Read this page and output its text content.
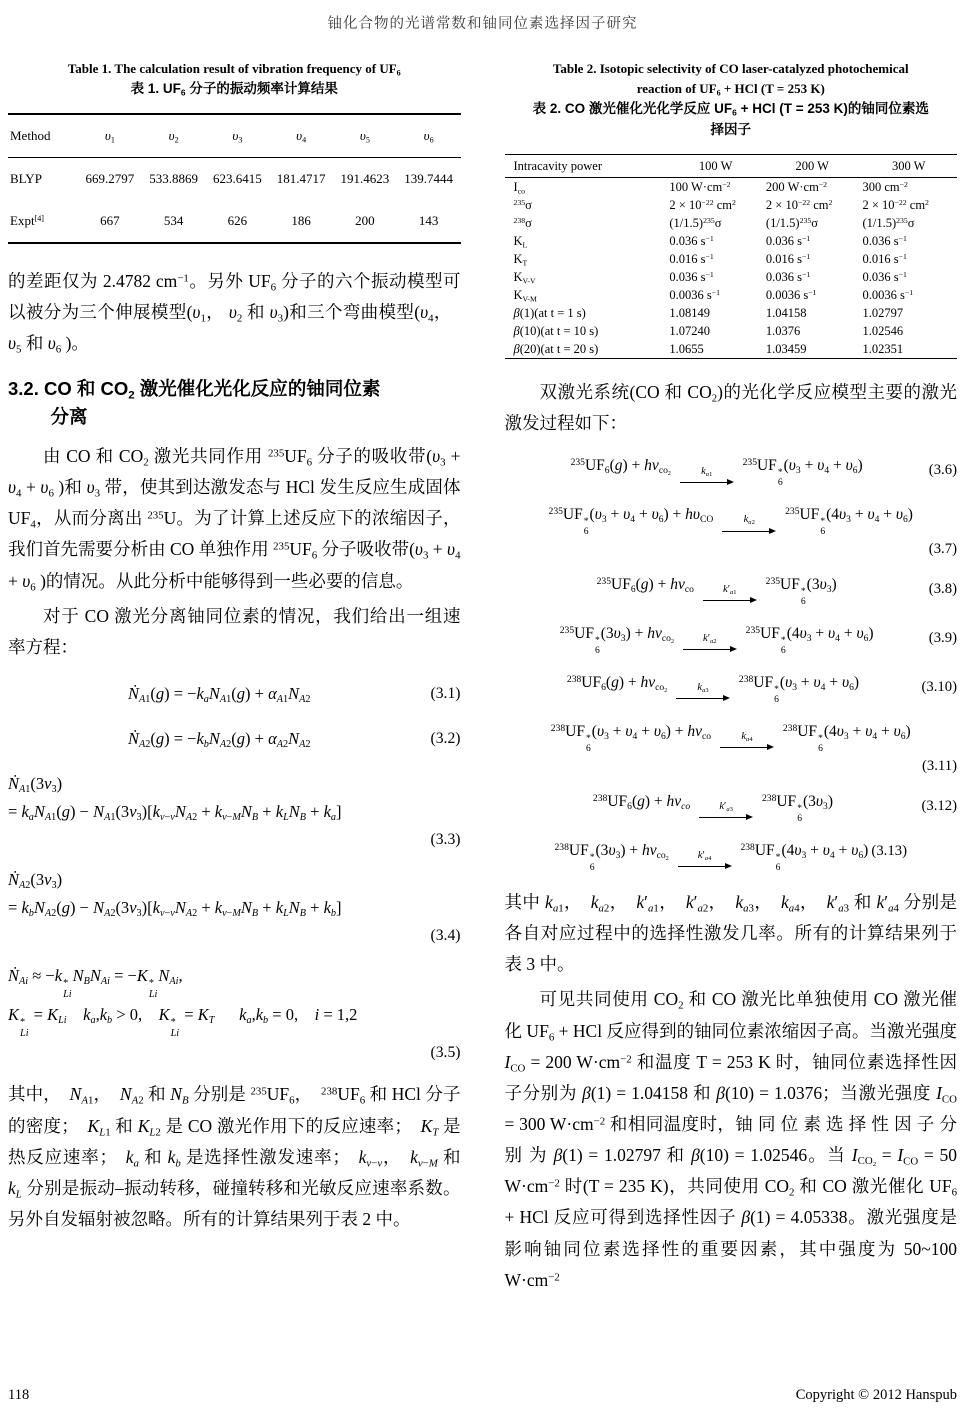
铀化合物的光谱常数和铀同位素选择因子研究
Table 1. The calculation result of vibration frequency of $UF_6$
表 1. $UF_6$ 分子的振动频率计算结果
Method	$\upsilon_1$	$\upsilon_2$	$\upsilon_3$	$\upsilon_4$	$\upsilon_5$	$\upsilon_6$
BLYP	669.2797	533.8869	623.6415	181.4717	191.4623	139.7444
Expt[4]	667	534	626	186	200	143

的差距仅为 2.4782 $cm^{-1}$。另外 $UF_6$ 分子的六个振动模型可以被分为三个伸展模型($\upsilon_1$， $\upsilon_2$ 和 $\upsilon_3$)和三个弯曲模型($\upsilon_4$， $\upsilon_5$ 和 $\upsilon_6$ )。

3.2. CO 和 $CO_2$ 激光催化光化反应的铀同位素
分离

由 CO 和 $CO_2$ 激光共同作用 $^{235}UF_6$ 分子的吸收带($\upsilon_3 + \upsilon_4 + \upsilon_6$ )和 $\upsilon_3$ 带，使其到达激发态与 HCl 发生反应生成固体 $UF_4$，从而分离出 $^{235}$U。为了计算上述反应下的浓缩因子，我们首先需要分析由 CO 单独作用 $^{235}UF_6$ 分子吸收带($\upsilon_3 + \upsilon_4 + \upsilon_6$ )的情况。从此分析中能够得到一些必要的信息。

对于 CO 激光分离铀同位素的情况，我们给出一组速率方程：

Ṅ$_{A1}$(g) = $-k_aN_{A1}(g) + \alpha_{A1}N_{A2}$	(3.1)
Ṅ$_{A2}$(g) = $-k_bN_{A2}(g) + \alpha_{A2}N_{A2}$	(3.2)
$Ṅ_{A1}(3\nu_3)$
= $k_aN_{A1}(g) - N_{A1}(3\nu_3)[k_{v-v}N_{A2} + k_{v-M}N_B + k_LN_B + k_a]$
(3.3)
$Ṅ_{A2}(3\nu_3)$
= $k_bN_{A2}(g) - N_{A2}(3\nu_3)[k_{v-v}N_{A2} + k_{v-M}N_B + k_LN_B + k_b]$
(3.4)
Ṅ$_{Ai}$ ≈ −k *
Li
$N_BN_{Ai} = -K$ *
Li
$N_{Ai}$,
K *
Li
= $K_{Li}$   $k_a,k_b > 0$,  K *
Li
= $K_T$    $k_a,k_b = 0$,  i = 1,2
(3.5)

其中， $N_{A1}$， $N_{A2}$ 和 $N_B$ 分别是 $^{235}UF_6$， $^{238}UF_6$ 和 HCl 分子的密度； $K_{L1}$ 和 $K_{L2}$ 是 CO 激光作用下的反应速率； $K_T$ 是热反应速率； $k_a$ 和 $k_b$ 是选择性激发速率； $k_{v-v}$， $k_{v-M}$ 和 $k_L$ 分别是振动–振动转移，碰撞转移和光敏反应速率系数。另外自发辐射被忽略。所有的计算结果列于表 2 中。

Table 2. Isotopic selectivity of CO laser-catalyzed photochemical
reaction of $UF_6$ + HCl (T = 253 K)
表 2. CO 激光催化光化学反应 $UF_6$ + HCl (T = 253 K)的铀同位素选
择因子
Intracavity power	100 W	200 W	300 W
$I_{co}$	100 $W\cdot cm^{-2}$	200 $W\cdot cm^{-2}$	300 $cm^{-2}$
$^{235}$σ	$2 \times 10^{-22}$ $cm^2$	$2 \times 10^{-22}$ $cm^2$	$2 \times 10^{-22}$ $cm^2$
$^{238}$σ	$(1/1.5)^{235}\sigma$	$(1/1.5)^{235}\sigma$	$(1/1.5)^{235}\sigma$
$K_L$	0.036 $s^{-1}$	0.036 $s^{-1}$	0.036 $s^{-1}$
$K_T$	0.016 $s^{-1}$	0.016 $s^{-1}$	0.016 $s^{-1}$
$K_{V-V}$	0.036 $s^{-1}$	0.036 $s^{-1}$	0.036 $s^{-1}$
$K_{V-M}$	0.0036 $s^{-1}$	0.0036 $s^{-1}$	0.0036 $s^{-1}$
β(1)(at t = 1 s)	1.08149	1.04158	1.02797
β(10)(at t = 10 s)	1.07240	1.0376	1.02546
β(20)(at t = 20 s)	1.0655	1.03459	1.02351

双激光系统(CO 和 $CO_2$)的光化学反应模型主要的激光激发过程如下：

$^{235}UF_6(g) + h\nu_{co_2}$	$k_{a1}$
$^{235}$UF *
6
$(\upsilon_3 + \upsilon_4 + \upsilon_6)$	(3.6)
$^{235}$UF *
6
$(\upsilon_3 + \upsilon_4 + \upsilon_6) + h\upsilon_{CO}$	$k_{a2}$
$^{235}$UF *
6
$(4\upsilon_3 + \upsilon_4 + \upsilon_6)$
(3.7)
$^{235}UF_6(g) + h\nu_{co}$	$k'_{a1}$
$^{235}$UF *
6
$(3\upsilon_3)$	(3.8)
$^{235}$UF *
6
$(3\upsilon_3) + h\nu_{co_2}$	$k'_{a2}$
$^{235}$UF *
6
$(4\upsilon_3 + \upsilon_4 + \upsilon_6)$	(3.9)
$^{238}UF_6(g) + h\nu_{co_2}$	$k_{a3}$
$^{238}$UF *
6
$(\upsilon_3 + \upsilon_4 + \upsilon_6)$	(3.10)
$^{238}$UF *
6
$(\upsilon_3 + \upsilon_4 + \upsilon_6) + h\nu_{co}$	$k_{a4}$
$^{238}$UF *
6
$(4\upsilon_3 + \upsilon_4 + \upsilon_6)$
(3.11)
$^{238}UF_6(g) + h\nu_{co}$	$k'_{a3}$
$^{238}$UF *
6
$(3\upsilon_3)$	(3.12)
$^{238}$UF *
6
$(3\upsilon_3) + h\nu_{co_2}$	$k'_{a4}$
$^{238}$UF *
6
$(4\upsilon_3 + \upsilon_4 + \upsilon_6)$  (3.13)

其中 $k_{a1}$， $k_{a2}$， $k'_{a1}$， $k'_{a2}$， $k_{a3}$， $k_{a4}$， $k'_{a3}$ 和 $k'_{a4}$ 分别是各自对应过程中的选择性激发几率。所有的计算结果列于表 3 中。

可见共同使用 $CO_2$ 和 CO 激光比单独使用 CO 激光催化 $UF_6$ + HCl 反应得到的铀同位素浓缩因子高。当激光强度 $I_{CO} = 200$ $W\cdot cm^{-2}$ 和温度 T = 253 K 时，铀同位素选择性因子分别为 β(1) = 1.04158 和 β(10) = 1.0376；当激光强度 $I_{CO} = 300$ $W\cdot cm^{-2}$ 和相同温度时，铀 同 位 素 选 择 性 因 子 分 别 为 β(1) = 1.02797 和 β(10) = 1.02546。当 $I_{CO_2} = I_{CO} = 50$ $W\cdot cm^{-2}$ 时(T = 235 K)，共同使用 $CO_2$ 和 CO 激光催化 $UF_6$ + HCl 反应可得到选择性因子 β(1) = 4.05338。激光强度是影响铀同位素选择性的重要因素，其中强度为 50~100 $W\cdot cm^{-2}$

118	Copyright © 2012 Hanspub
